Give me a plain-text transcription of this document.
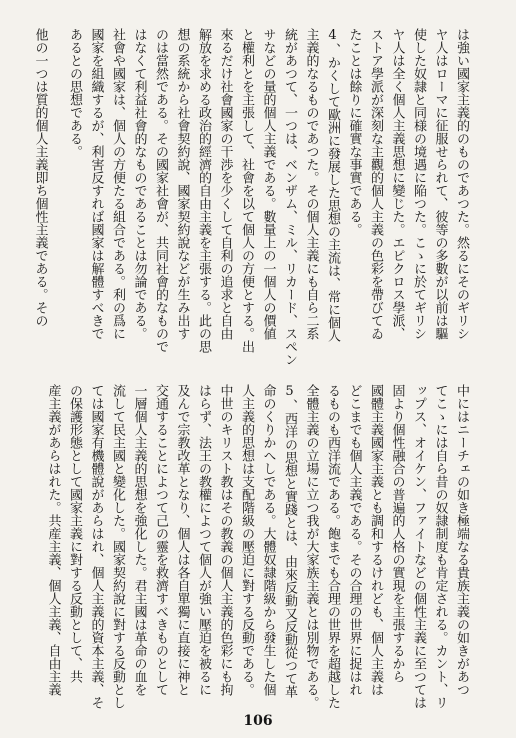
は強い國家主義的のものであつた。然るにそのギリシ
ヤ人はローマに征服せられて、彼等の多數が以前は驅
使した奴隷と同様の境遇に陥つた。こゝに於てギリシ
ヤ人は全く個人主義思想に變じた。エピクロス學派、
ストア學派が深刻な主觀的個人主義の色彩を帶びてゐ
たことは餘りに確實な事實である。
4、かくして歐洲に發展した思想の主流は、常に個人
主義的なるものであつた。その個人主義にも自ら二系
統があつて、一つは、ベンザム、ミル、リカード、スペン
サなどの量的個人主義である。數量上の一個人の價値
と權利とを主張して、社會を以て個人の方便とする。出
來るだけ社會國家の干渉を少くして自利の追求と自由
解放を求める政治的經濟的自由主義を主張する。此の思
想の系統から社會契約說、國家契約說などが生み出す
のは當然である。その國家社會が、共同社會的なもので
はなくて利益社會的なものであることは勿論である。
社會や國家は、個人の方便たる組合である。利の爲に
國家を組織するが、利害反すれば國家は解體すべきで
あるとの思想である。
他の一つは質的個人主義即ち個性主義である。その
中にはニーチェの如き極端なる貴族主義の如きがあつ
てこゝには自ら昔の奴隷制度も肯定される。カント、リ
ップス、オイケン、ファイトなどの個性主義に至つては
固より個性融合の普遍的人格の實現を主張するから
國體主義國家主義とも調和するけれども、個人主義は
どこまでも個人主義である。その合理の世界に捉はれ
るものも西洋流である。飽までも合理の世界を超越した
全體主義の立場に立つ我が大家族主義とは別物である。
5、西洋の思想と實踐とは、由來反動又反動從つて革
命のくりかへしである。大體奴隷階級から發生した個
人主義的思想は支配階級の壓迫に對する反動である。
中世のキリスト教はその教義の個人主義的色彩にも拘
はらず、法王の教權によつて個人が強い壓迫を被るに
及んで宗教改革となり、個人は各自單獨に直接に神と
交通することによつて己の靈を救濟すべきものとして
一層個人主義的思想を強化した。君主國は革命の血を
流して民主國と變化した。國家契約說に對する反動とし
ては國家有機體說があらはれ、個人主義的資本主義、そ
の保護形態として國家主義に對する反動として、共
産主義があらはれた。共産主義、個人主義、自由主義
106
